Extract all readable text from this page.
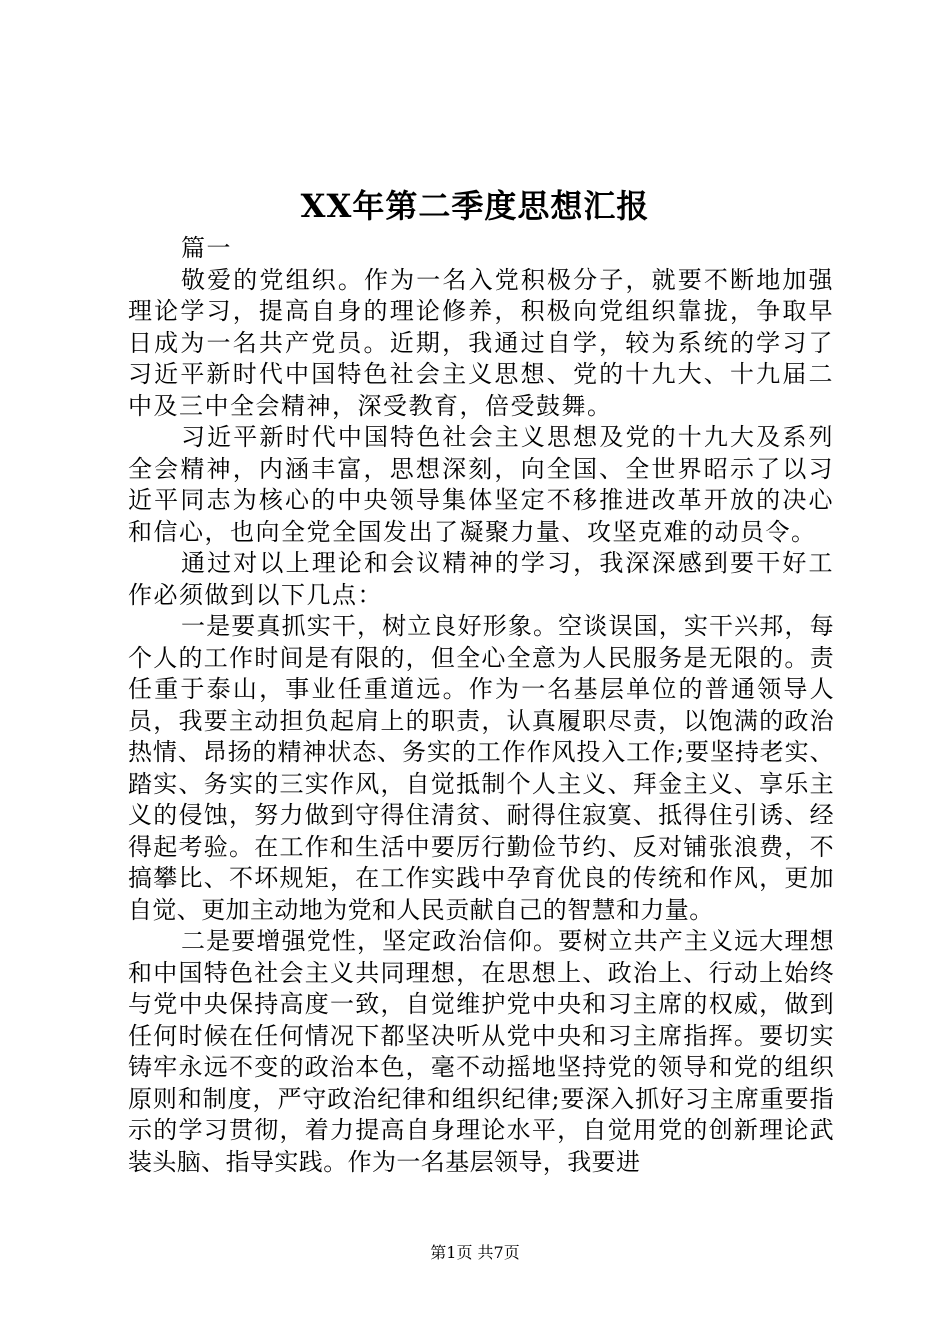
XX年第二季度思想汇报

篇一

敬爱的党组织。作为一名入党积极分子，就要不断地加强理论学习，提高自身的理论修养，积极向党组织靠拢，争取早日成为一名共产党员。近期，我通过自学，较为系统的学习了习近平新时代中国特色社会主义思想、党的十九大、十九届二中及三中全会精神，深受教育，倍受鼓舞。

习近平新时代中国特色社会主义思想及党的十九大及系列全会精神，内涵丰富，思想深刻，向全国、全世界昭示了以习近平同志为核心的中央领导集体坚定不移推进改革开放的决心和信心，也向全党全国发出了凝聚力量、攻坚克难的动员令。

通过对以上理论和会议精神的学习，我深深感到要干好工作必须做到以下几点：

一是要真抓实干，树立良好形象。空谈误国，实干兴邦，每个人的工作时间是有限的，但全心全意为人民服务是无限的。责任重于泰山，事业任重道远。作为一名基层单位的普通领导人员，我要主动担负起肩上的职责，认真履职尽责，以饱满的政治热情、昂扬的精神状态、务实的工作作风投入工作;要坚持老实、踏实、务实的三实作风，自觉抵制个人主义、拜金主义、享乐主义的侵蚀，努力做到守得住清贫、耐得住寂寞、抵得住引诱、经得起考验。在工作和生活中要厉行勤俭节约、反对铺张浪费，不搞攀比、不坏规矩，在工作实践中孕育优良的传统和作风，更加自觉、更加主动地为党和人民贡献自己的智慧和力量。

二是要增强党性，坚定政治信仰。要树立共产主义远大理想和中国特色社会主义共同理想，在思想上、政治上、行动上始终与党中央保持高度一致，自觉维护党中央和习主席的权威，做到任何时候在任何情况下都坚决听从党中央和习主席指挥。要切实铸牢永远不变的政治本色，毫不动摇地坚持党的领导和党的组织原则和制度，严守政治纪律和组织纪律;要深入抓好习主席重要指示的学习贯彻，着力提高自身理论水平，自觉用党的创新理论武装头脑、指导实践。作为一名基层领导，我要进

第1页 共7页
